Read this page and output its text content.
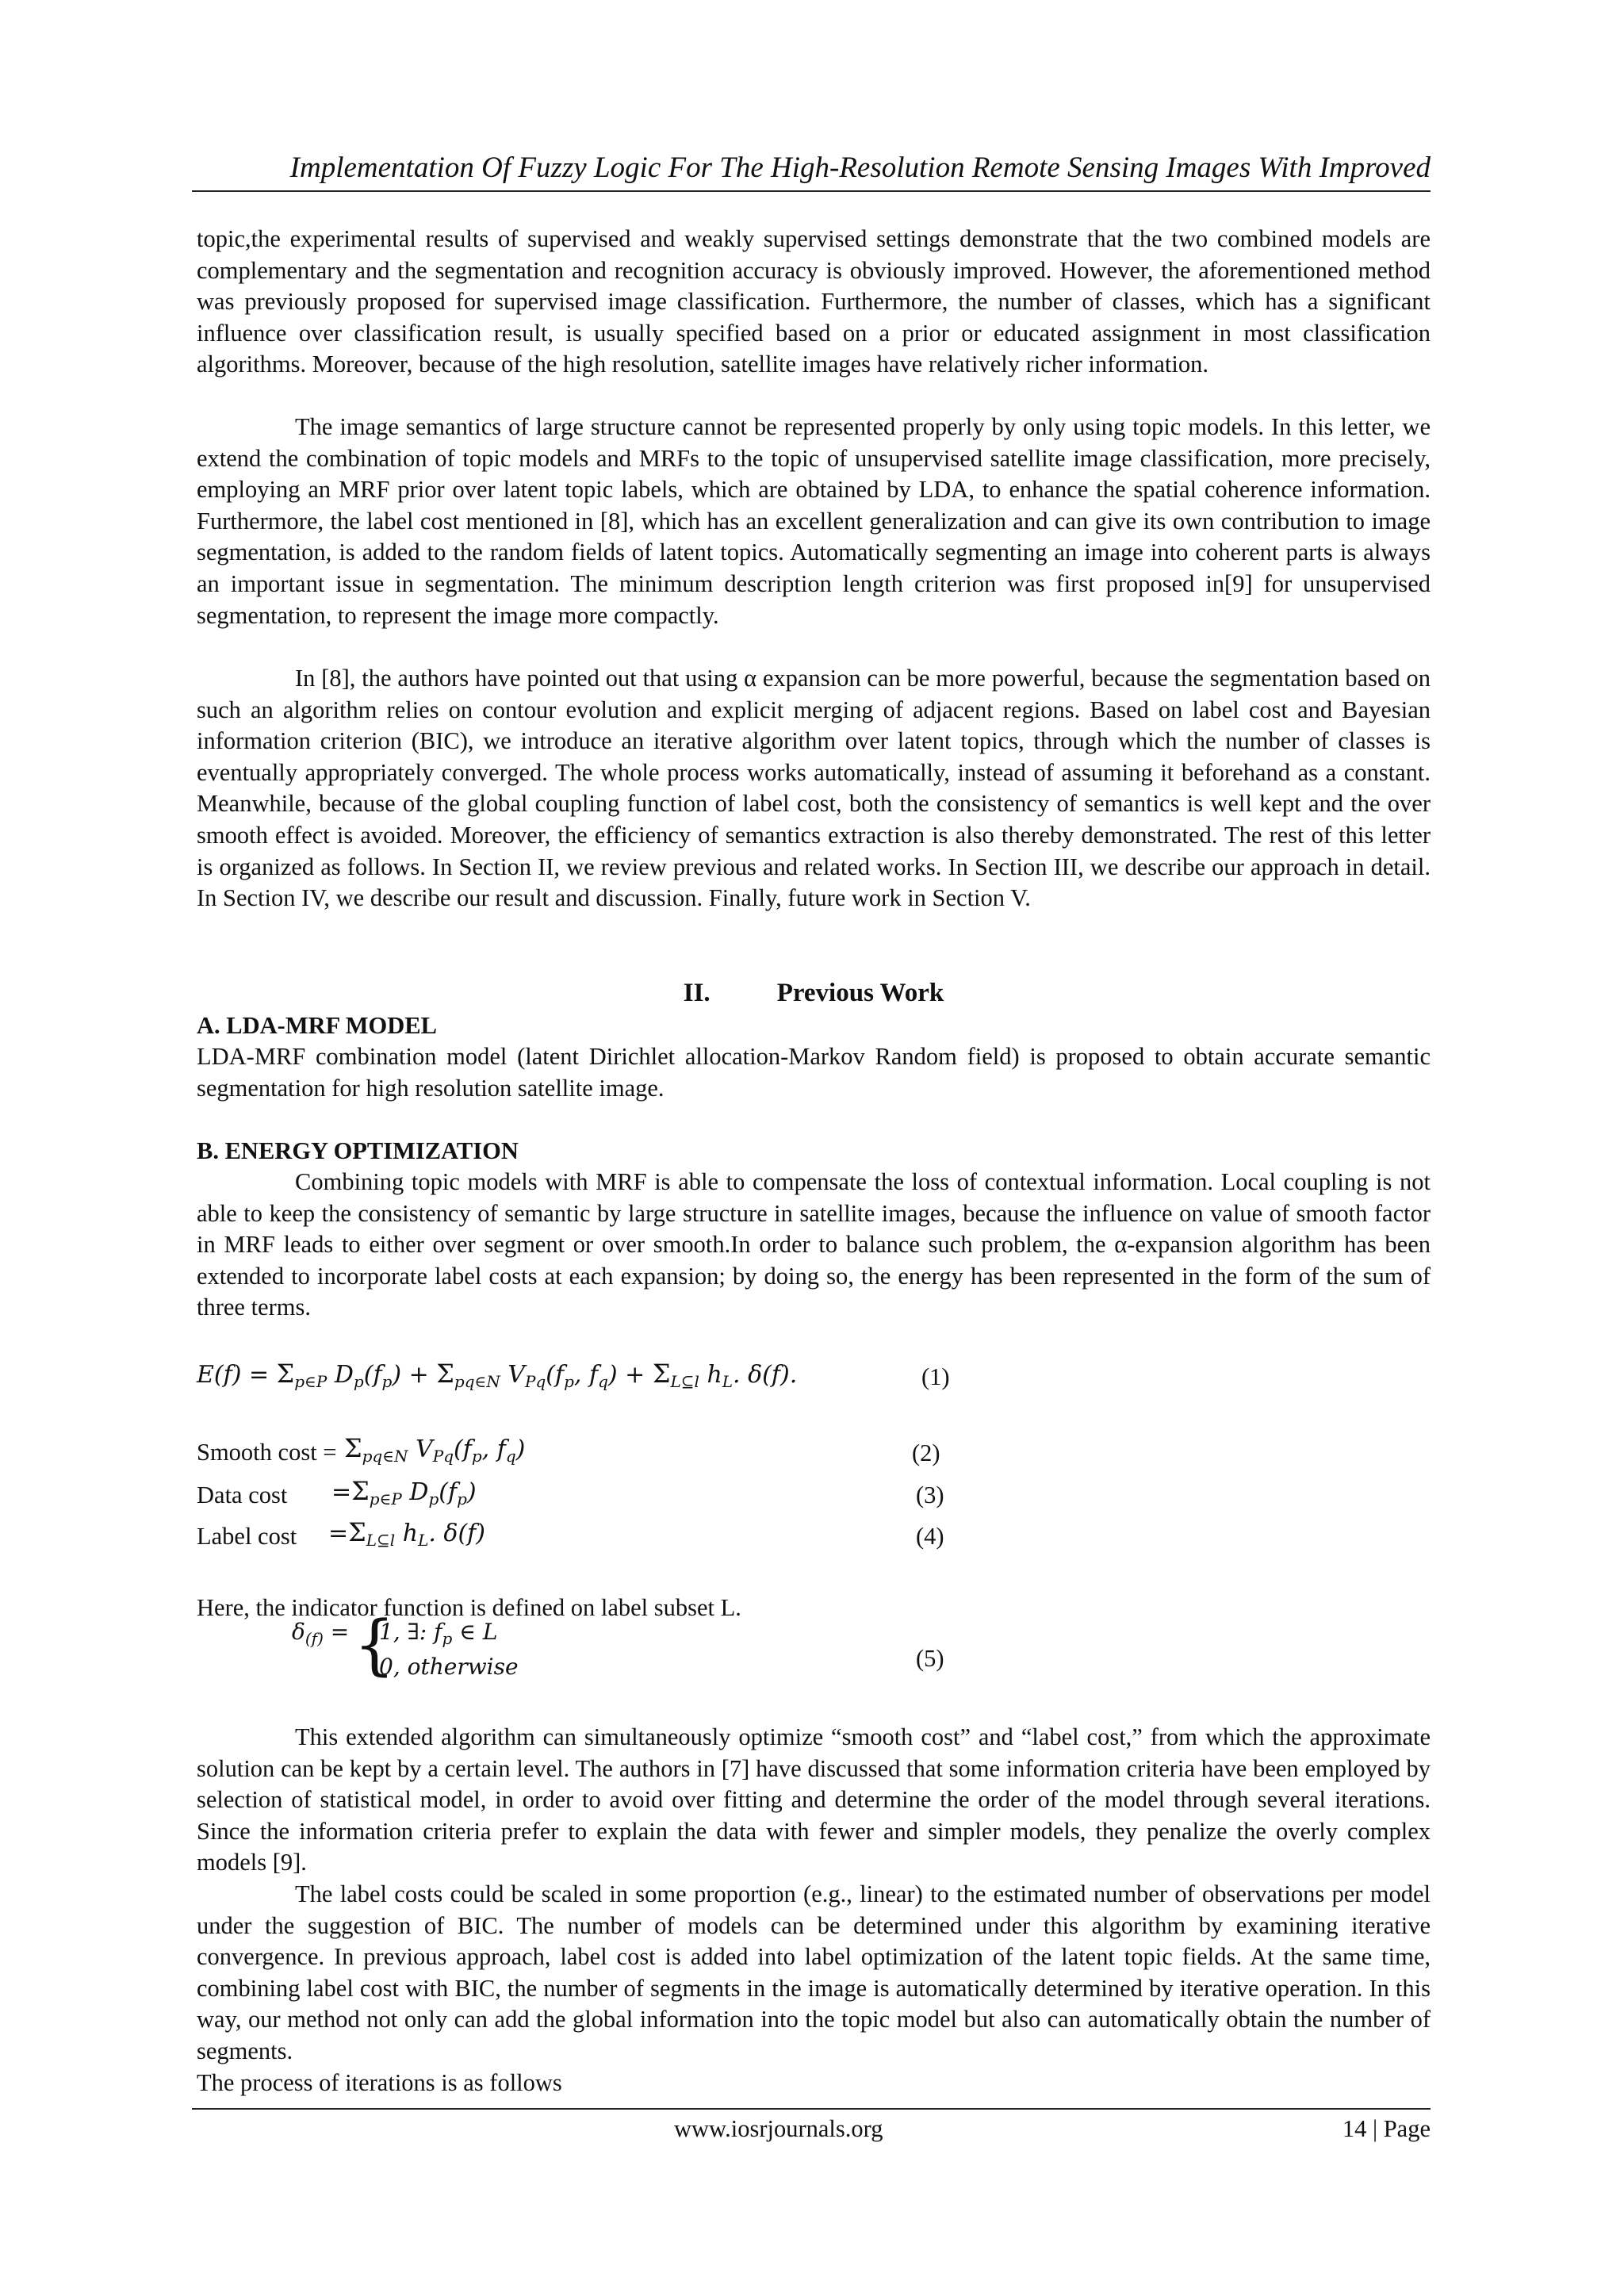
Implementation Of Fuzzy Logic For The High-Resolution Remote Sensing Images With Improved

topic,the experimental results of supervised and weakly supervised settings demonstrate that the two combined models are complementary and the segmentation and recognition accuracy is obviously improved. However, the aforementioned method was previously proposed for supervised image classification. Furthermore, the number of classes, which has a significant influence over classification result, is usually specified based on a prior or educated assignment in most classification algorithms. Moreover, because of the high resolution, satellite images have relatively richer information.

The image semantics of large structure cannot be represented properly by only using topic models. In this letter, we extend the combination of topic models and MRFs to the topic of unsupervised satellite image classification, more precisely, employing an MRF prior over latent topic labels, which are obtained by LDA, to enhance the spatial coherence information. Furthermore, the label cost mentioned in [8], which has an excellent generalization and can give its own contribution to image segmentation, is added to the random fields of latent topics. Automatically segmenting an image into coherent parts is always an important issue in segmentation. The minimum description length criterion was first proposed in[9] for unsupervised segmentation, to represent the image more compactly.

In [8], the authors have pointed out that using α expansion can be more powerful, because the segmentation based on such an algorithm relies on contour evolution and explicit merging of adjacent regions. Based on label cost and Bayesian information criterion (BIC), we introduce an iterative algorithm over latent topics, through which the number of classes is eventually appropriately converged. The whole process works automatically, instead of assuming it beforehand as a constant. Meanwhile, because of the global coupling function of label cost, both the consistency of semantics is well kept and the over smooth effect is avoided. Moreover, the efficiency of semantics extraction is also thereby demonstrated. The rest of this letter is organized as follows. In Section II, we review previous and related works. In Section III, we describe our approach in detail. In Section IV, we describe our result and discussion. Finally, future work in Section V.

II.	Previous Work
A. LDA-MRF MODEL

LDA-MRF combination model (latent Dirichlet allocation-Markov Random field) is proposed to obtain accurate semantic segmentation for high resolution satellite image.

B. ENERGY OPTIMIZATION

Combining topic models with MRF is able to compensate the loss of contextual information. Local coupling is not able to keep the consistency of semantic by large structure in satellite images, because the influence on value of smooth factor in MRF leads to either over segment or over smooth.In order to balance such problem, the α-expansion algorithm has been extended to incorporate label costs at each expansion; by doing so, the energy has been represented in the form of the sum of three terms.

$E(f) = \Sigma_{p\in P}$ $D_p(f_p) + \Sigma_{pq\in N}$ $V_{Pq}(f_p$, $f_q) + \Sigma_{L⊆l}$ $h_L$. δ(f).	(1)
Smooth $\cos t = \Sigma_{pq\in N}$ $V_{Pq}(f_p$, $f_q$)	(2)
Data $\cos t =\Sigma_{p\in P}$ $D_p(f_p)$	(3)
Label $\cos t =\Sigma_{L⊆l}$ $h_L$. δ(f)	(4)

Here, the indicator function is defined on label subset L.

$\delta_{(f)}$ = {
1, ∃: $f_p$ ∈ L
0, otherwise	(5)

This extended algorithm can simultaneously optimize “smooth cost” and “label cost,” from which the approximate solution can be kept by a certain level. The authors in [7] have discussed that some information criteria have been employed by selection of statistical model, in order to avoid over fitting and determine the order of the model through several iterations. Since the information criteria prefer to explain the data with fewer and simpler models, they penalize the overly complex models [9].

The label costs could be scaled in some proportion (e.g., linear) to the estimated number of observations per model under the suggestion of BIC. The number of models can be determined under this algorithm by examining iterative convergence. In previous approach, label cost is added into label optimization of the latent topic fields. At the same time, combining label cost with BIC, the number of segments in the image is automatically determined by iterative operation. In this way, our method not only can add the global information into the topic model but also can automatically obtain the number of segments.

The process of iterations is as follows

www.iosrjournals.org	14 | Page
